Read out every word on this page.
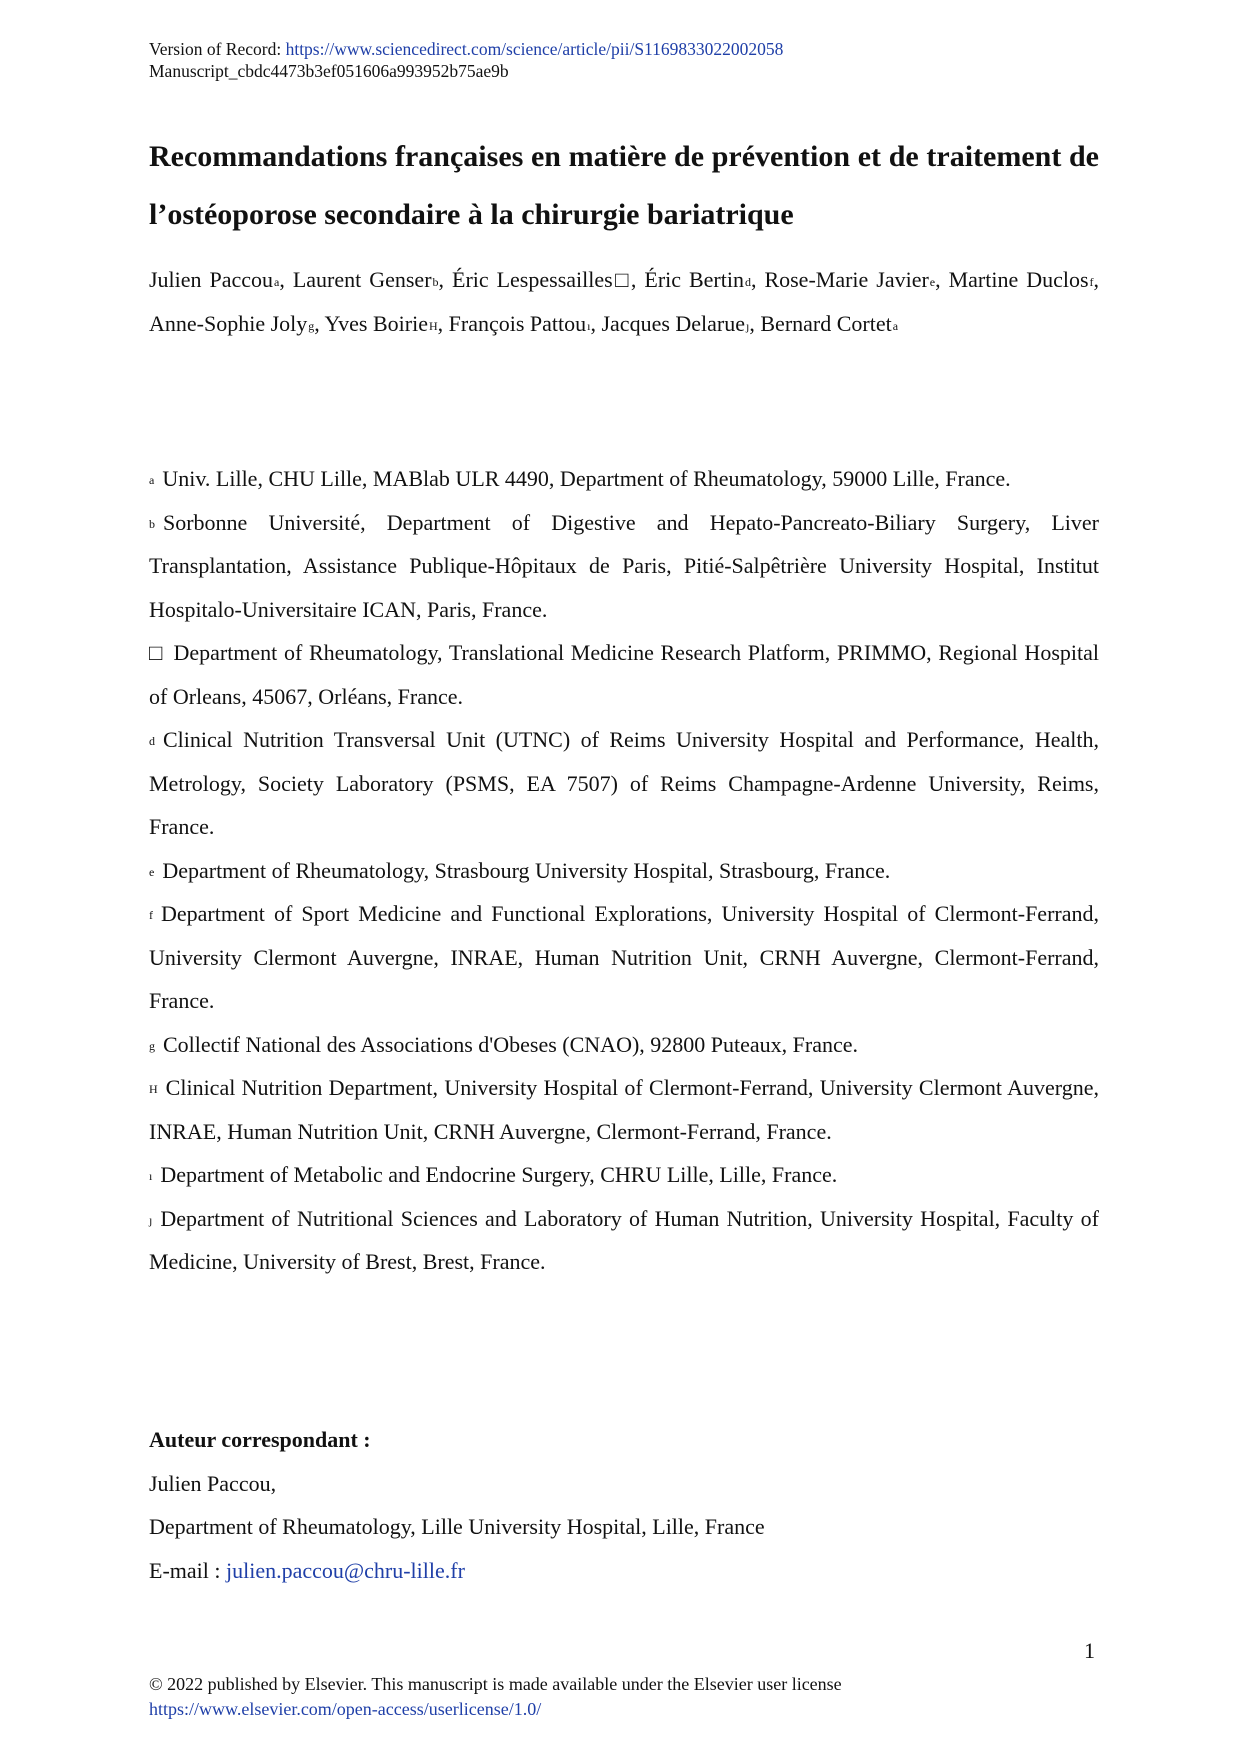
Version of Record: https://www.sciencedirect.com/science/article/pii/S1169833022002058
Manuscript_cbdc4473b3ef051606a993952b75ae9b
Recommandations françaises en matière de prévention et de traitement de l’ostéoporose secondaire à la chirurgie bariatrique
Julien Paccou$^a$, Laurent Genser$^b$, Éric Lespessailles□, Éric Bertin$^d$, Rose-Marie Javier$^e$, Martine Duclos$^f$, Anne-Sophie Joly$^g$, Yves Boirie$^H$, François Pattou$^ı$, Jacques Delarue$^ȷ$, Bernard Cortet$^a$
$^a$ Univ. Lille, CHU Lille, MABlab ULR 4490, Department of Rheumatology, 59000 Lille, France.
$^b$ Sorbonne Université, Department of Digestive and Hepato-Pancreato-Biliary Surgery, Liver Transplantation, Assistance Publique-Hôpitaux de Paris, Pitié-Salpêtrière University Hospital, Institut Hospitalo-Universitaire ICAN, Paris, France.
□ Department of Rheumatology, Translational Medicine Research Platform, PRIMMO, Regional Hospital of Orleans, 45067, Orléans, France.
$^d$ Clinical Nutrition Transversal Unit (UTNC) of Reims University Hospital and Performance, Health, Metrology, Society Laboratory (PSMS, EA 7507) of Reims Champagne-Ardenne University, Reims, France.
$^e$ Department of Rheumatology, Strasbourg University Hospital, Strasbourg, France.
$^f$ Department of Sport Medicine and Functional Explorations, University Hospital of Clermont-Ferrand, University Clermont Auvergne, INRAE, Human Nutrition Unit, CRNH Auvergne, Clermont-Ferrand, France.
$^g$ Collectif National des Associations d'Obeses (CNAO), 92800 Puteaux, France.
$^H$ Clinical Nutrition Department, University Hospital of Clermont-Ferrand, University Clermont Auvergne, INRAE, Human Nutrition Unit, CRNH Auvergne, Clermont-Ferrand, France.
$^ı$ Department of Metabolic and Endocrine Surgery, CHRU Lille, Lille, France.
$^ȷ$ Department of Nutritional Sciences and Laboratory of Human Nutrition, University Hospital, Faculty of Medicine, University of Brest, Brest, France.
Auteur correspondant :
Julien Paccou,
Department of Rheumatology, Lille University Hospital, Lille, France
E-mail : julien.paccou@chru-lille.fr
1
© 2022 published by Elsevier. This manuscript is made available under the Elsevier user license
https://www.elsevier.com/open-access/userlicense/1.0/
